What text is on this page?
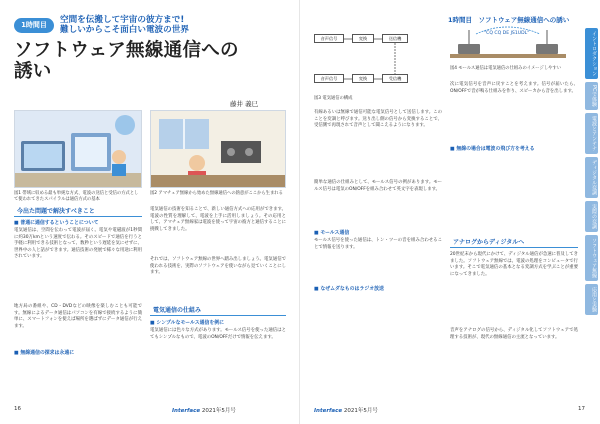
1時間目	空間を伝搬して宇宙の彼方まで!
難しいからこそ面白い電波の世界
ソフトウェア無線通信への
誘い
藤井 義巳
図1 帯域に収める最も単純な方式、電波の送信と受信の方式として使われてきたスパイラルは通信方式の基本
図2 アマチュア無線から始めた無線通信への熱意がここから生まれる
今出た問題で解決すべきこと
■ 普通に通信するということについて
電気通信は、空間を伝わって電波が届く。電気や電磁波が1秒間に約30万kmという速度で伝わる。そのスピードで通信を行うと手軽に利用できる技術となって、数秒という遅延を気にせずに、世界中の人と話ができます。通信技術の発展で様々な用途に利用されています。
地方局の番組や、CD・DVDなどの映像を楽しむことも可能です。無線によるデータ通信はパソコンを有線で接続するように簡単に、スマートフォンを使えば場所を選ばずにデータ通信が行えます。
■ 無線通信の探求は永遠に
電気通信の技術を知ることで、新しい通信方式への応用ができます。電波の性質を理解して、電波を上手に活用しましょう。その応用として、アマチュア無線家は電波を使って宇宙の彼方と通信することに挑戦してきました。
それでは、ソフトウェア無線の世界へ踏み出しましょう。電気通信で使われる技術を、実際のソフトウェアを使いながら見ていくことにします。
電気通信の仕組み
■ シンプルなモールス通信を例に
電気通信には色々な方式があります。モールス信号を使った通信はとてもシンプルなもので、電波のON/OFFだけで情報を伝えます。
16	Interface 2021年5月号
1時間目　ソフトウェア無線通信への誘い
音声信号	変換	送信機
受信機
変換
音声信号
図3 電気通信の構成
"CQ CQ DE JS1UDL"
図4 モールス通信は電気通信の仕組みのイメージしやすい
有線あるいは無線で通信可能な電気信号として送信します。このことを変調と呼びます。送り出し側の信号から変換することで、受信側で再現されて音声として聞こえるようになります。
簡単な通信の仕組みとして、モールス信号の例があります。モールス信号は電気のON/OFFを組み合わせて英文字を表現します。
■ モールス通信
モールス信号を使った通信は、トン・ツーの音を組み合わせることで情報を送ります。
■ なぜムダなものはラジオ放送
次に電気信号を音声に戻すことを考えます。信号が届いたら、ON/OFFで音が鳴る仕組みを作り、スピーカから音を出します。
■ 無線の場合は電波の飛び方を考える
アナログからディジタルへ
20世紀末から現代にかけて、ディジタル通信が急速に普及してきました。ソフトウェア無線では、電波の処理をコンピュータで行います。そこで電気通信の基本となる変調方式を学ぶことが重要になってきました。
音声をアナログの信号から、ディジタル化してソフトウェアで処理する技術が、現代の無線通信の主流となっています。
イントロダクション
PCで体験
電波とアンテナ
ディジタル変調
実際の変調
ソフトウェア無線
応用と実験
Interface 2021年5月号	17
